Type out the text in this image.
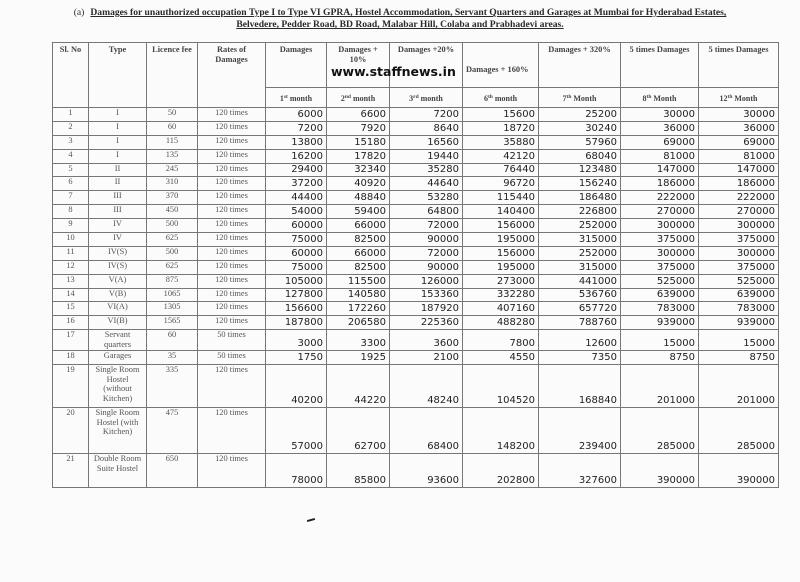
(a) Damages for unauthorized occupation Type I to Type VI GPRA, Hostel Accommodation, Servant Quarters and Garages at Mumbai for Hyderabad Estates,
Belvedere, Pedder Road, BD Road, Malabar Hill, Colaba and Prabhadevi areas.
Sl. No	Type	Licence fee	Rates of Damages	Damages	Damages + 10%	Damages +20%	Damages + 160%	Damages + 320%	5 times Damages	5 times Damages
				1st month	2nd month	3rd month	6th month	7th Month	8th Month	12th Month
1	I	50	120 times	6000	6600	7200	15600	25200	30000	30000
2	I	60	120 times	7200	7920	8640	18720	30240	36000	36000
3	I	115	120 times	13800	15180	16560	35880	57960	69000	69000
4	I	135	120 times	16200	17820	19440	42120	68040	81000	81000
5	II	245	120 times	29400	32340	35280	76440	123480	147000	147000
6	II	310	120 times	37200	40920	44640	96720	156240	186000	186000
7	III	370	120 times	44400	48840	53280	115440	186480	222000	222000
8	III	450	120 times	54000	59400	64800	140400	226800	270000	270000
9	IV	500	120 times	60000	66000	72000	156000	252000	300000	300000
10	IV	625	120 times	75000	82500	90000	195000	315000	375000	375000
11	IV(S)	500	120 times	60000	66000	72000	156000	252000	300000	300000
12	IV(S)	625	120 times	75000	82500	90000	195000	315000	375000	375000
13	V(A)	875	120 times	105000	115500	126000	273000	441000	525000	525000
14	V(B)	1065	120 times	127800	140580	153360	332280	536760	639000	639000
15	VI(A)	1305	120 times	156600	172260	187920	407160	657720	783000	783000
16	VI(B)	1565	120 times	187800	206580	225360	488280	788760	939000	939000
17	Servant quarters	60	50 times	3000	3300	3600	7800	12600	15000	15000
18	Garages	35	50 times	1750	1925	2100	4550	7350	8750	8750
19	Single Room Hostel (without Kitchen)	335	120 times	40200	44220	48240	104520	168840	201000	201000
20	Single Room Hostel (with Kitchen)	475	120 times	57000	62700	68400	148200	239400	285000	285000
21	Double Room Suite Hostel	650	120 times	78000	85800	93600	202800	327600	390000	390000
www.staffnews.in
